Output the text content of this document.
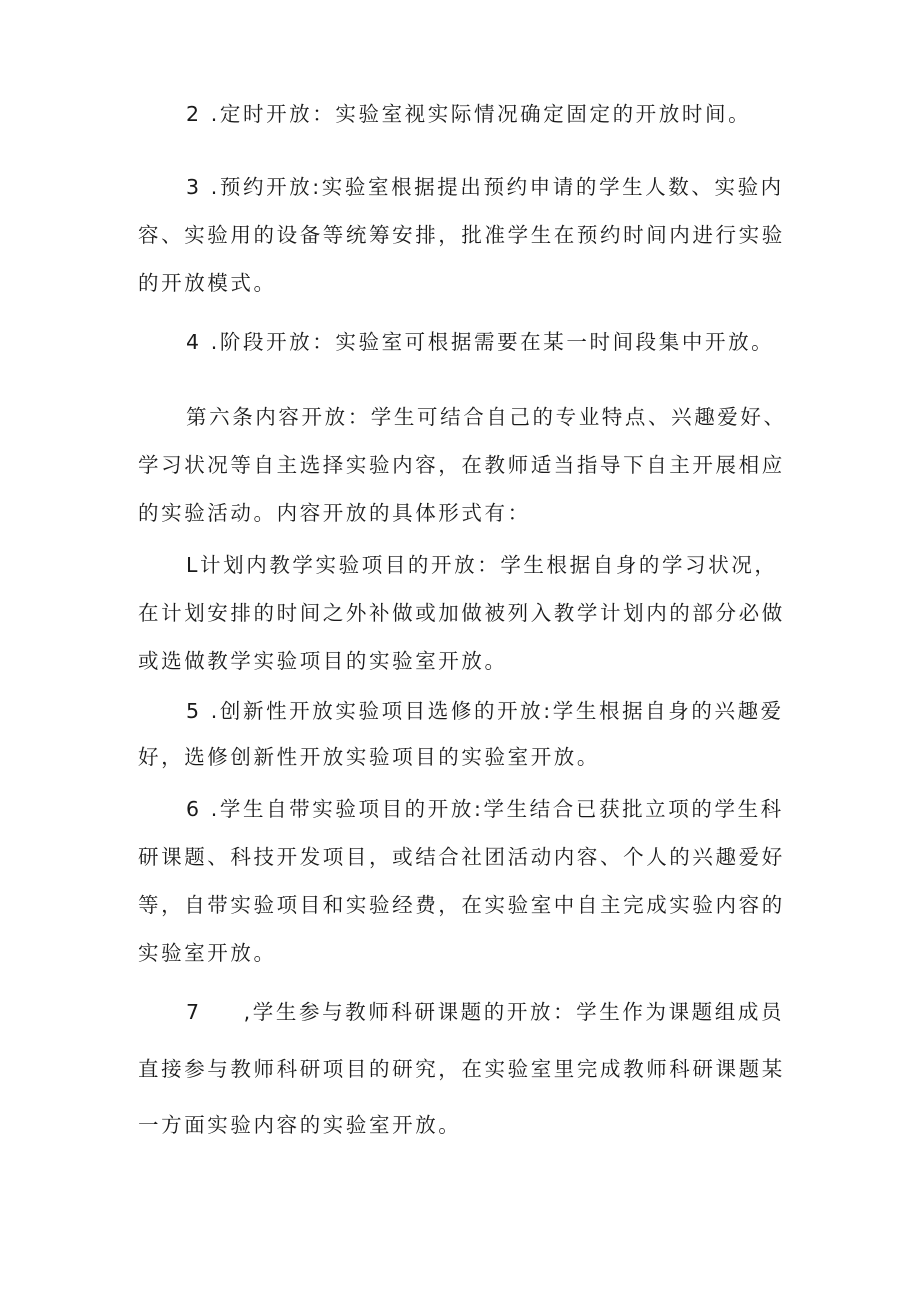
2 .定时开放：实验室视实际情况确定固定的开放时间。
3 .预约开放:实验室根据提出预约申请的学生人数、实验内
容、实验用的设备等统筹安排，批准学生在预约时间内进行实验
的开放模式。
4 .阶段开放：实验室可根据需要在某一时间段集中开放。
第六条内容开放：学生可结合自己的专业特点、兴趣爱好、
学习状况等自主选择实验内容，在教师适当指导下自主开展相应
的实验活动。内容开放的具体形式有：
L计划内教学实验项目的开放：学生根据自身的学习状况，
在计划安排的时间之外补做或加做被列入教学计划内的部分必做
或选做教学实验项目的实验室开放。
5 .创新性开放实验项目选修的开放:学生根据自身的兴趣爱
好，选修创新性开放实验项目的实验室开放。
6 .学生自带实验项目的开放:学生结合已获批立项的学生科
研课题、科技开发项目，或结合社团活动内容、个人的兴趣爱好
等，自带实验项目和实验经费，在实验室中自主完成实验内容的
实验室开放。
7 ,学生参与教师科研课题的开放：学生作为课题组成员
直接参与教师科研项目的研究，在实验室里完成教师科研课题某
一方面实验内容的实验室开放。
